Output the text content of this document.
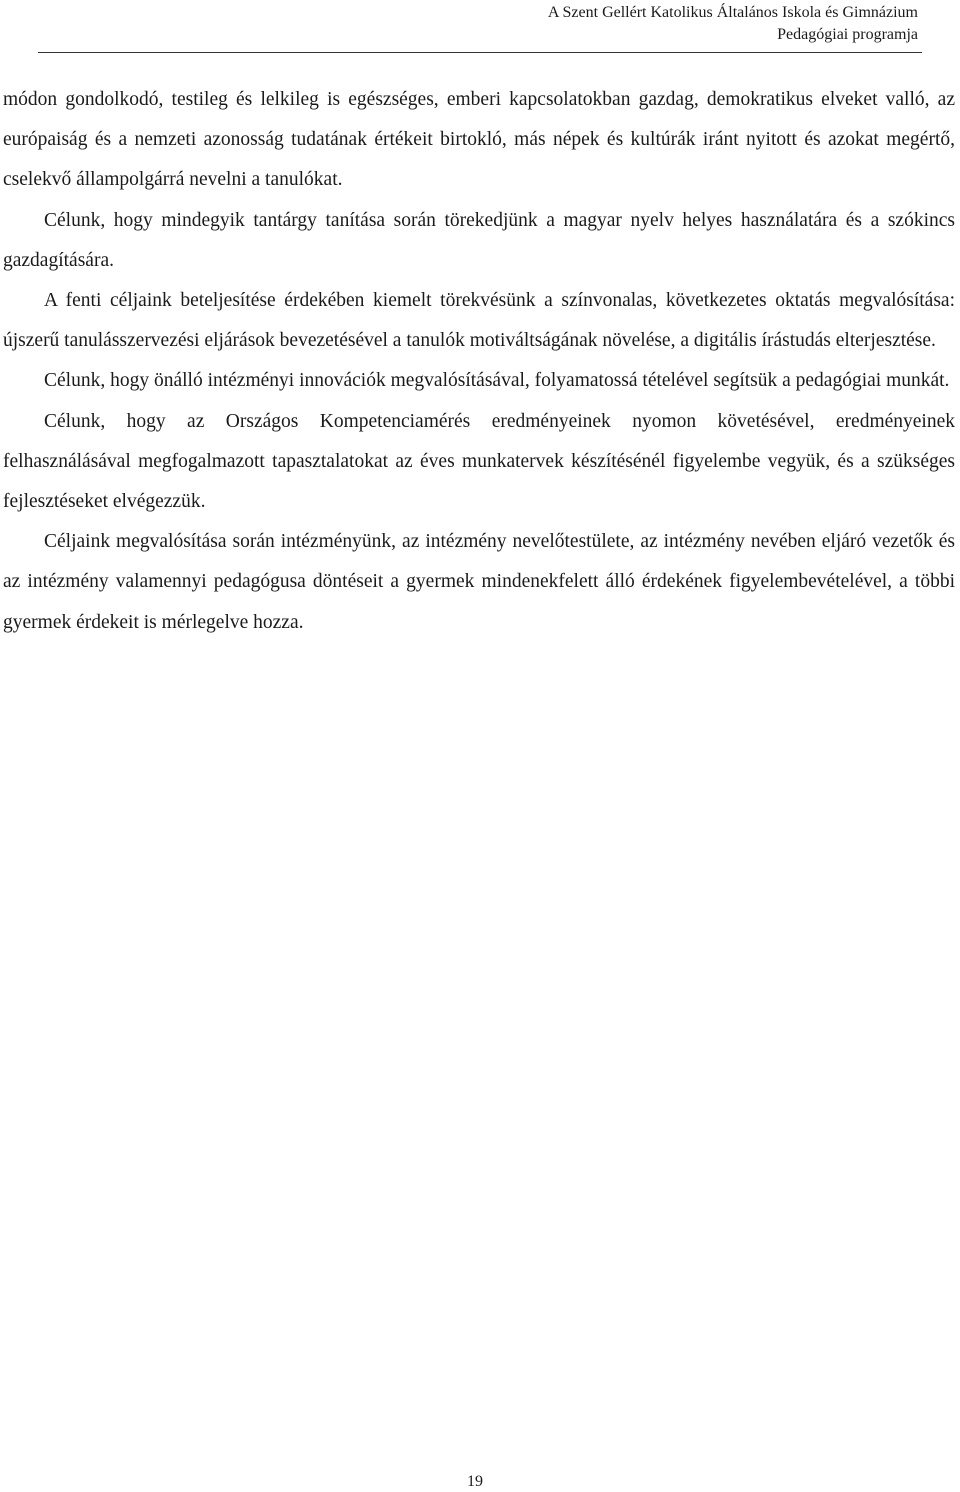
A Szent Gellért Katolikus Általános Iskola és Gimnázium
Pedagógiai programja

módon gondolkodó, testileg és lelkileg is egészséges, emberi kapcsolatokban gazdag, demokratikus elveket valló, az európaiság és a nemzeti azonosság tudatának értékeit birtokló, más népek és kultúrák iránt nyitott és azokat megértő, cselekvő állampolgárrá nevelni a tanulókat.

Célunk, hogy mindegyik tantárgy tanítása során törekedjünk a magyar nyelv helyes használatára és a szókincs gazdagítására.

A fenti céljaink beteljesítése érdekében kiemelt törekvésünk a színvonalas, következetes oktatás megvalósítása: újszerű tanulásszervezési eljárások bevezetésével a tanulók motiváltságának növelése, a digitális írástudás elterjesztése.

Célunk, hogy önálló intézményi innovációk megvalósításával, folyamatossá tételével segítsük a pedagógiai munkát.

Célunk, hogy az Országos Kompetenciamérés eredményeinek nyomon követésével, eredményeinek felhasználásával megfogalmazott tapasztalatokat az éves munkatervek készítésénél figyelembe vegyük, és a szükséges fejlesztéseket elvégezzük.

Céljaink megvalósítása során intézményünk, az intézmény nevelőtestülete, az intézmény nevében eljáró vezetők és az intézmény valamennyi pedagógusa döntéseit a gyermek mindenekfelett álló érdekének figyelembevételével, a többi gyermek érdekeit is mérlegelve hozza.

19
